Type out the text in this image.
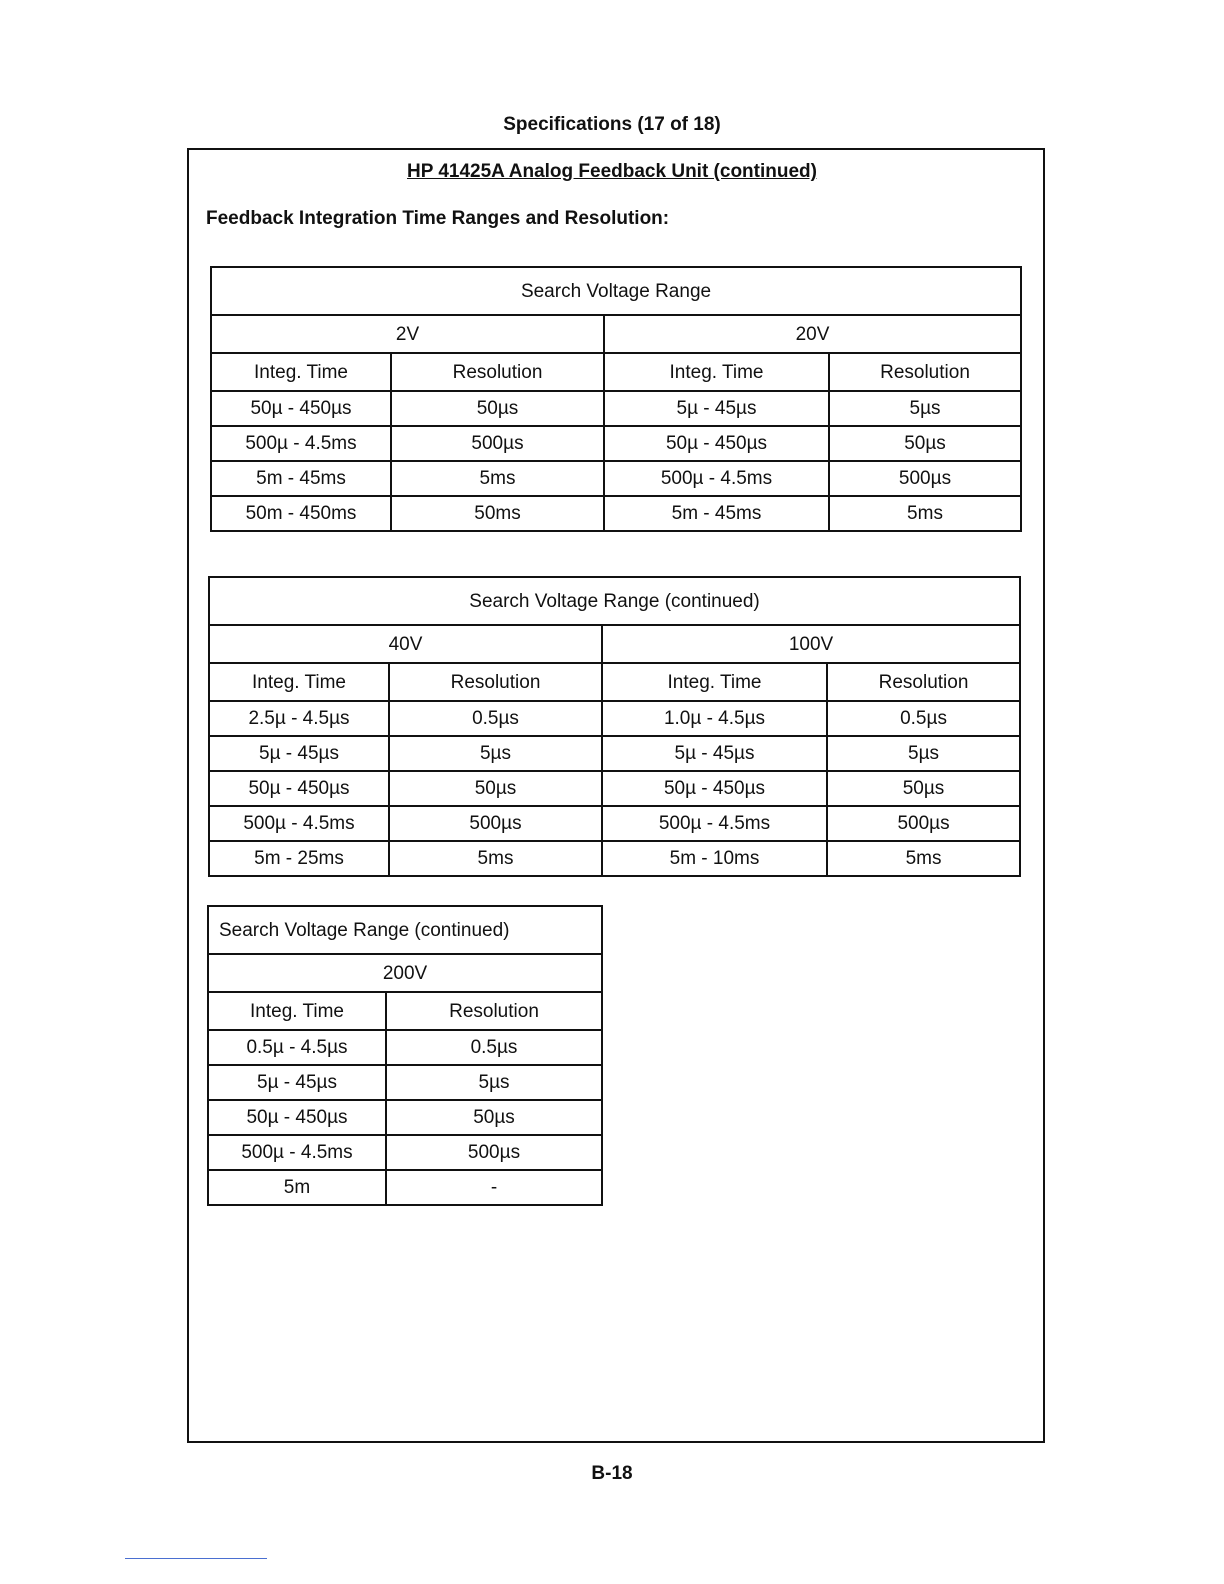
Specifications (17 of 18)
HP 41425A Analog Feedback Unit (continued)
Feedback Integration Time Ranges and Resolution:
Search Voltage Range			
2V		20V	
Integ. Time	Resolution	Integ. Time	Resolution
50µ - 450µs	50µs	5µ - 45µs	5µs
500µ - 4.5ms	500µs	50µ - 450µs	50µs
5m - 45ms	5ms	500µ - 4.5ms	500µs
50m - 450ms	50ms	5m - 45ms	5ms
Search Voltage Range (continued)			
40V		100V	
Integ. Time	Resolution	Integ. Time	Resolution
2.5µ - 4.5µs	0.5µs	1.0µ - 4.5µs	0.5µs
5µ - 45µs	5µs	5µ - 45µs	5µs
50µ - 450µs	50µs	50µ - 450µs	50µs
500µ - 4.5ms	500µs	500µ - 4.5ms	500µs
5m - 25ms	5ms	5m - 10ms	5ms
Search Voltage Range (continued)	
200V	
Integ. Time	Resolution
0.5µ - 4.5µs	0.5µs
5µ - 45µs	5µs
50µ - 450µs	50µs
500µ - 4.5ms	500µs
5m	-
B-18
